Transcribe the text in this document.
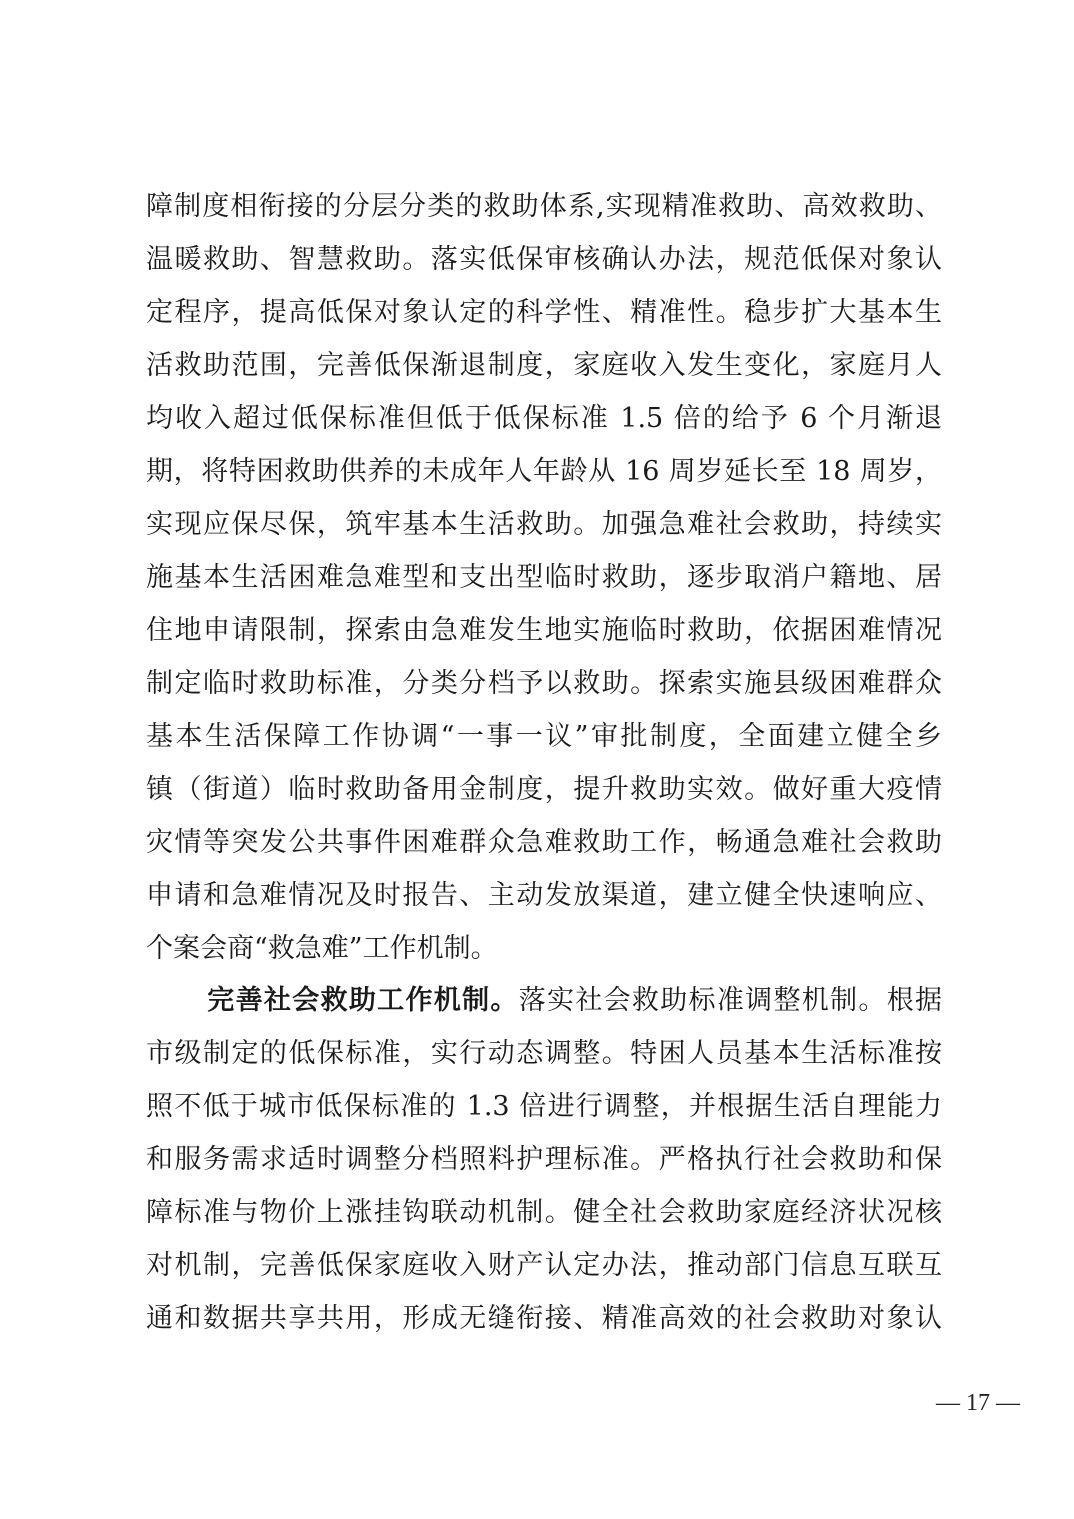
障制度相衔接的分层分类的救助体系,实现精准救助、高效救助、
温暖救助、智慧救助。落实低保审核确认办法，规范低保对象认
定程序，提高低保对象认定的科学性、精准性。稳步扩大基本生
活救助范围，完善低保渐退制度，家庭收入发生变化，家庭月人
均收入超过低保标准但低于低保标准 1.5 倍的给予 6 个月渐退
期，将特困救助供养的未成年人年龄从 16 周岁延长至 18 周岁，
实现应保尽保，筑牢基本生活救助。加强急难社会救助，持续实
施基本生活困难急难型和支出型临时救助，逐步取消户籍地、居
住地申请限制，探索由急难发生地实施临时救助，依据困难情况
制定临时救助标准，分类分档予以救助。探索实施县级困难群众
基本生活保障工作协调“一事一议”审批制度，全面建立健全乡
镇（街道）临时救助备用金制度，提升救助实效。做好重大疫情
灾情等突发公共事件困难群众急难救助工作，畅通急难社会救助
申请和急难情况及时报告、主动发放渠道，建立健全快速响应、
个案会商“救急难”工作机制。
完善社会救助工作机制。落实社会救助标准调整机制。根据
市级制定的低保标准，实行动态调整。特困人员基本生活标准按
照不低于城市低保标准的 1.3 倍进行调整，并根据生活自理能力
和服务需求适时调整分档照料护理标准。严格执行社会救助和保
障标准与物价上涨挂钩联动机制。健全社会救助家庭经济状况核
对机制，完善低保家庭收入财产认定办法，推动部门信息互联互
通和数据共享共用，形成无缝衔接、精准高效的社会救助对象认
— 17 —
